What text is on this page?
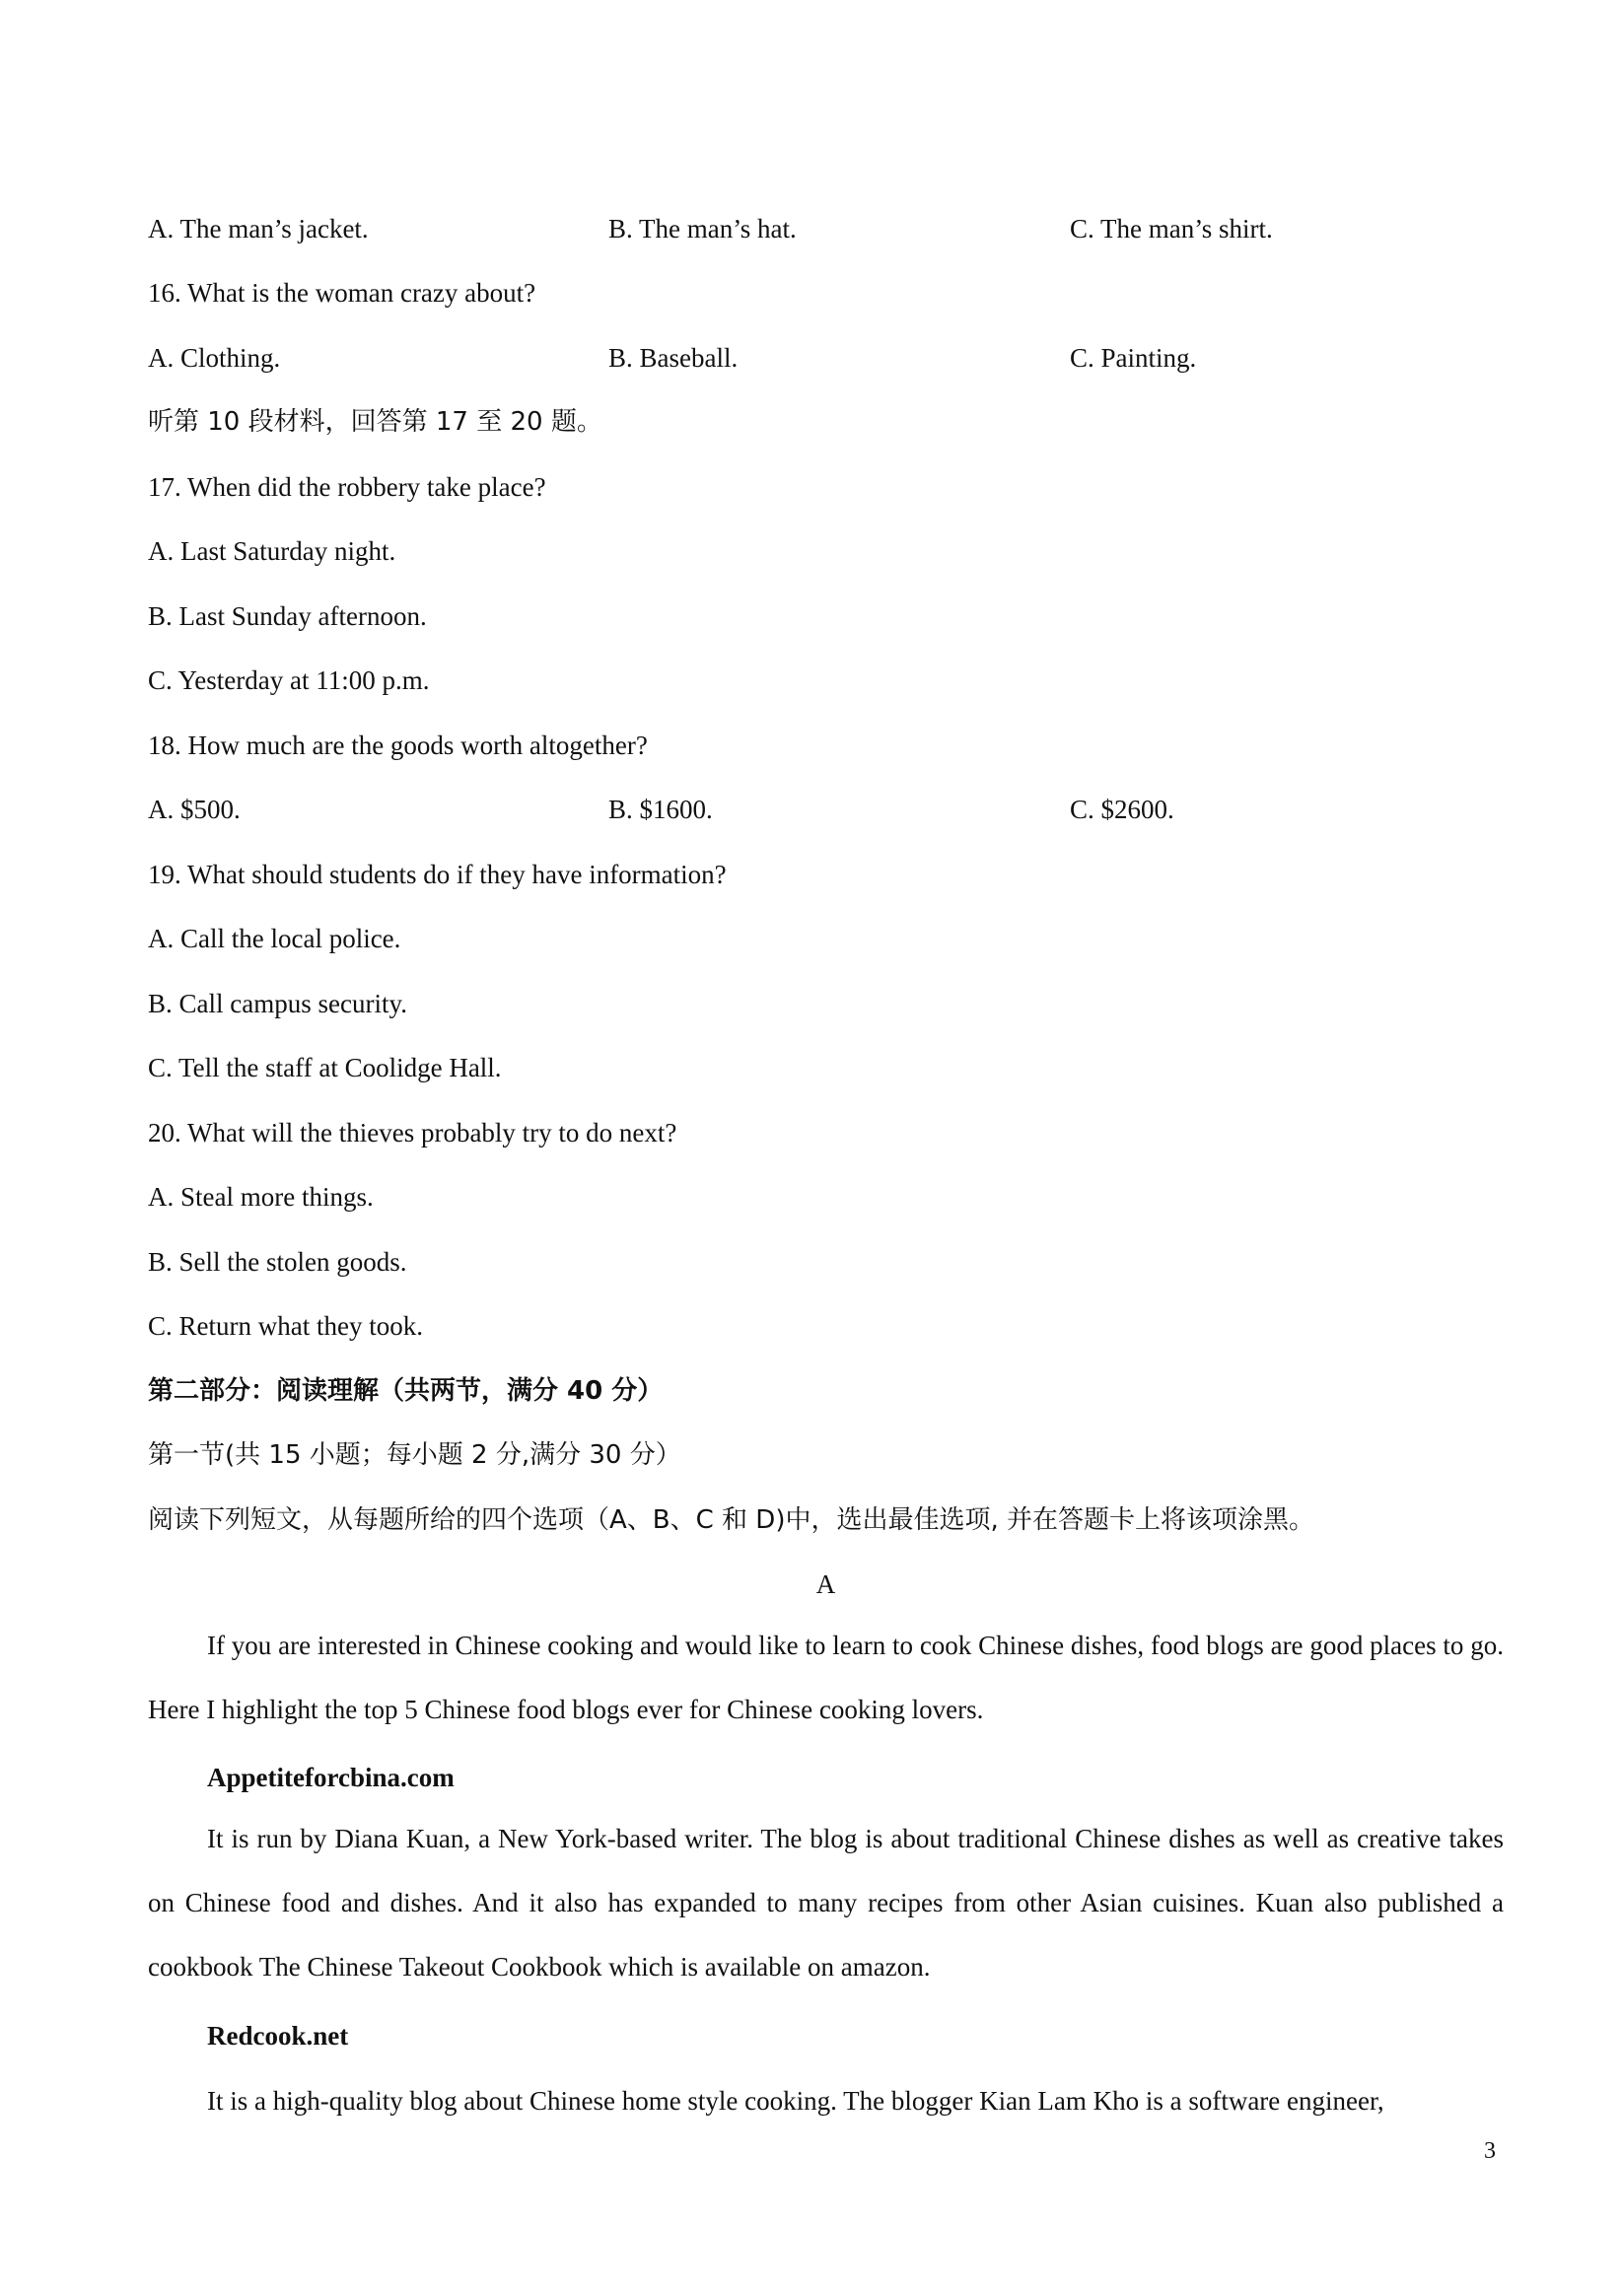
A. The man’s jacket.	B. The man’s hat.	C. The man’s shirt.
16. What is the woman crazy about?
A. Clothing.	B. Baseball.	C. Painting.
听第 10 段材料，回答第 17 至 20 题。
17. When did the robbery take place?
A. Last Saturday night.
B. Last Sunday afternoon.
C. Yesterday at 11:00 p.m.
18. How much are the goods worth altogether?
A. $500.	B. $1600.	C. $2600.
19. What should students do if they have information?
A. Call the local police.
B. Call campus security.
C. Tell the staff at Coolidge Hall.
20. What will the thieves probably try to do next?
A. Steal more things.
B. Sell the stolen goods.
C. Return what they took.
第二部分：阅读理解（共两节，满分 40 分）
第一节(共 15 小题；每小题 2 分,满分 30 分）
阅读下列短文，从每题所给的四个选项（A、B、C 和 D)中，选出最佳选项, 并在答题卡上将该项涂黑。
A
If you are interested in Chinese cooking and would like to learn to cook Chinese dishes, food blogs are good places to go. Here I highlight the top 5 Chinese food blogs ever for Chinese cooking lovers.
Appetiteforcbina.com
It is run by Diana Kuan, a New York-based writer. The blog is about traditional Chinese dishes as well as creative takes on Chinese food and dishes. And it also has expanded to many recipes from other Asian cuisines. Kuan also published a cookbook The Chinese Takeout Cookbook which is available on amazon.
Redcook.net
It is a high-quality blog about Chinese home style cooking. The blogger Kian Lam Kho is a software engineer,
3
